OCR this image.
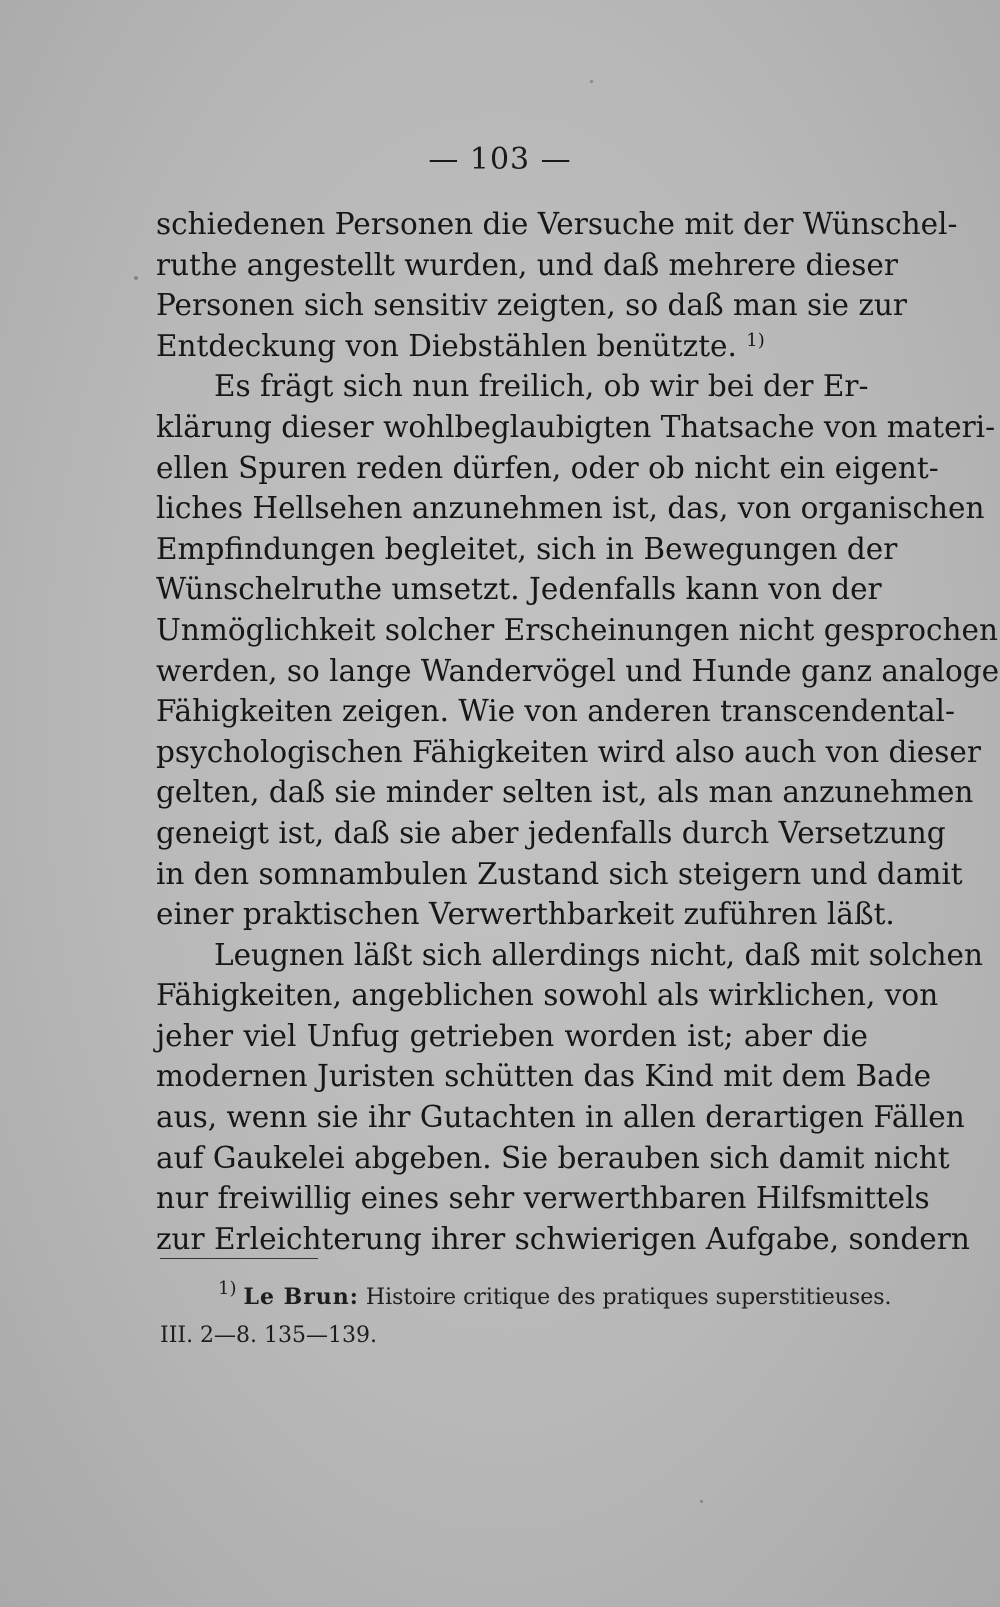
— 103 —
schiedenen Personen die Versuche mit der Wünschel-
ruthe angestellt wurden, und daß mehrere dieser
Personen sich sensitiv zeigten, so daß man sie zur
Entdeckung von Diebstählen benützte. $^{1)}$
Es frägt sich nun freilich, ob wir bei der Er-
klärung dieser wohlbeglaubigten Thatsache von materi-
ellen Spuren reden dürfen, oder ob nicht ein eigent-
liches Hellsehen anzunehmen ist, das, von organischen
Empfindungen begleitet, sich in Bewegungen der
Wünschelruthe umsetzt. Jedenfalls kann von der
Unmöglichkeit solcher Erscheinungen nicht gesprochen
werden, so lange Wandervögel und Hunde ganz analoge
Fähigkeiten zeigen. Wie von anderen transcendental-
psychologischen Fähigkeiten wird also auch von dieser
gelten, daß sie minder selten ist, als man anzunehmen
geneigt ist, daß sie aber jedenfalls durch Versetzung
in den somnambulen Zustand sich steigern und damit
einer praktischen Verwerthbarkeit zuführen läßt.
Leugnen läßt sich allerdings nicht, daß mit solchen
Fähigkeiten, angeblichen sowohl als wirklichen, von
jeher viel Unfug getrieben worden ist; aber die
modernen Juristen schütten das Kind mit dem Bade
aus, wenn sie ihr Gutachten in allen derartigen Fällen
auf Gaukelei abgeben. Sie berauben sich damit nicht
nur freiwillig eines sehr verwerthbaren Hilfsmittels
zur Erleichterung ihrer schwierigen Aufgabe, sondern
$^{1)}$ Le Brun: Histoire critique des pratiques superstitieuses.
III. 2—8. 135—139.
